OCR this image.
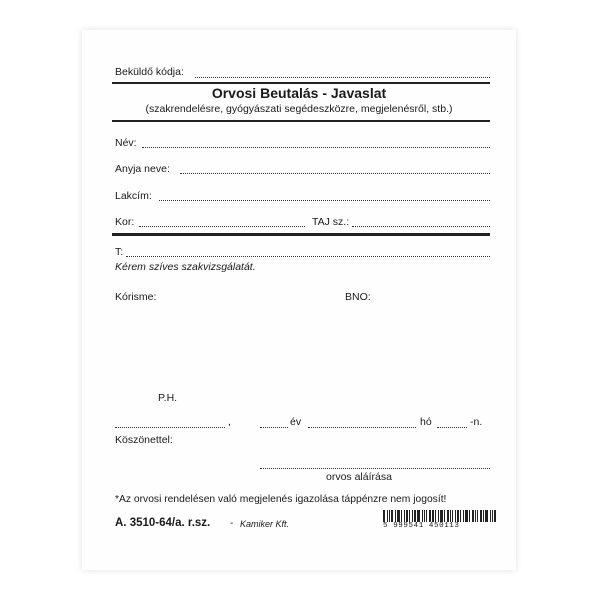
Beküldő kódja:
Orvosi Beutalás - Javaslat
(szakrendelésre, gyógyászati segédeszközre, megjelenésről, stb.)
Név:
Anyja neve:
Lakcím:
Kor:	TAJ sz.:
T:
Kérem szíves szakvizsgálatát.
Kórisme:	BNO:
P.H.
,	év	hó	-n.
Köszönettel:
orvos aláírása
*Az orvosi rendelésen való megjelenés igazolása táppénzre nem jogosít!
A. 3510-64/a. r.sz. - Kamiker Kft.	5 999541 450113
